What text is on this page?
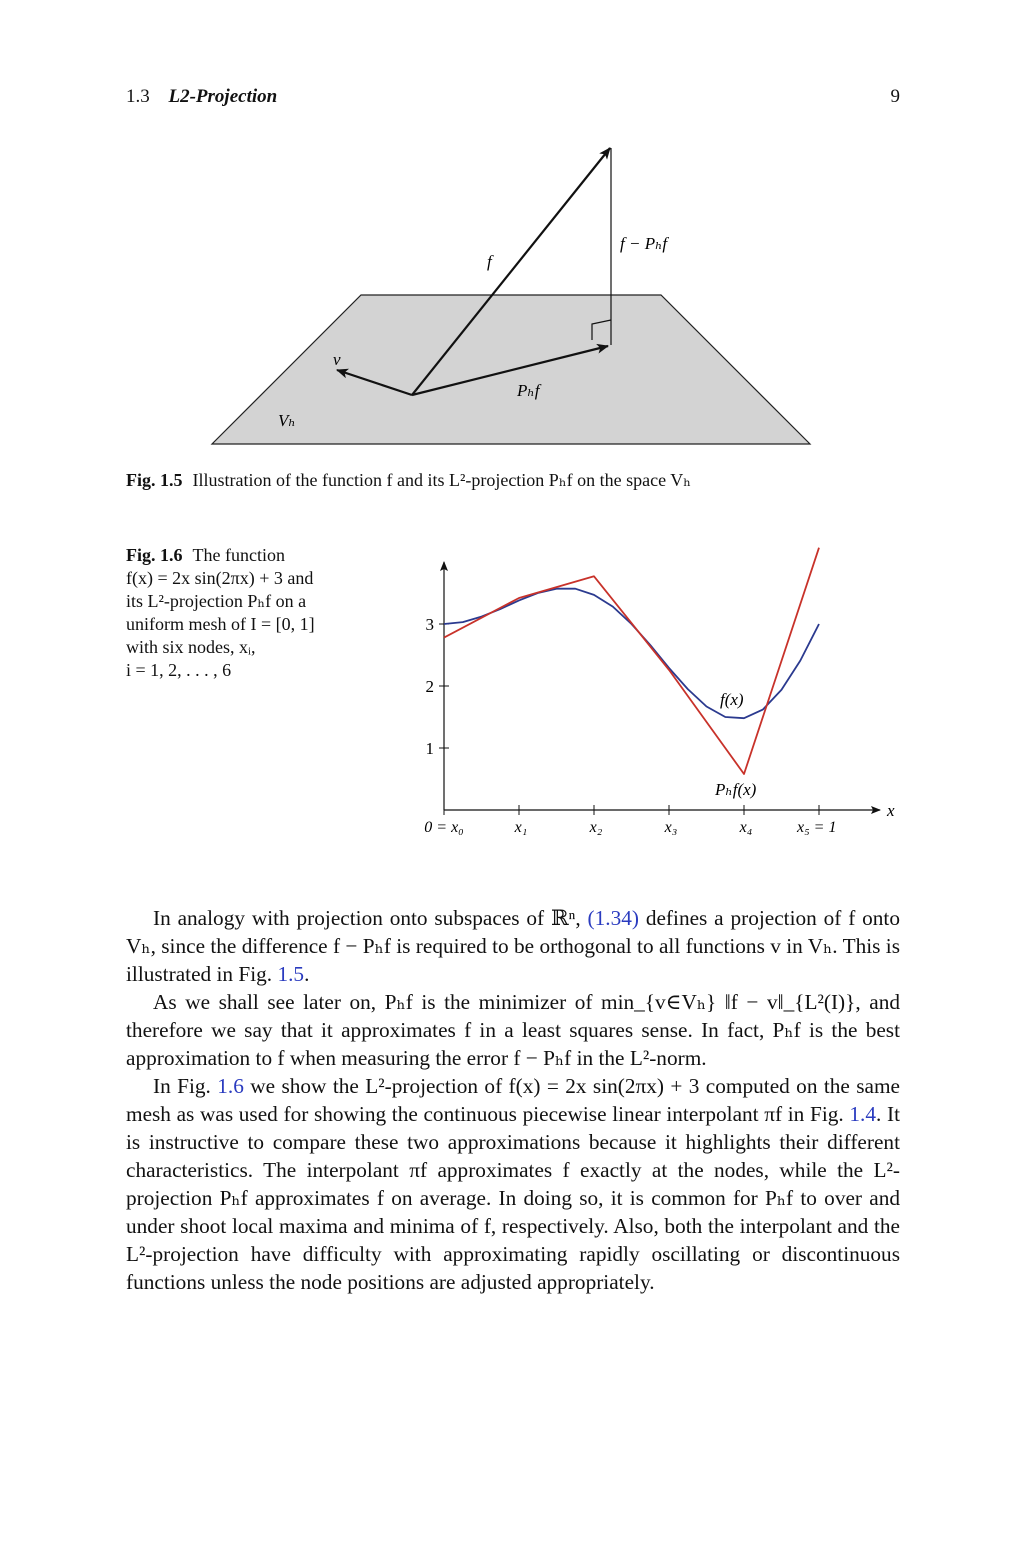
1.3 L2-Projection	9
f
f − Pₕf
v
Pₕf
Vₕ
Fig. 1.5 Illustration of the function f and its L²-projection Pₕf on the space Vₕ
Fig. 1.6 The function
f(x) = 2x sin(2πx) + 3 and
its L²-projection Pₕf on a
uniform mesh of I = [0, 1]
with six nodes, xᵢ,
i = 1, 2, . . . , 6
0 = x₀	x₁	x₂	x₃	x₄	x₅ = 1
1
2
3
x
f(x)
Pₕf(x)

In analogy with projection onto subspaces of ℝⁿ, (1.34) defines a projection of f onto Vₕ, since the difference f − Pₕf is required to be orthogonal to all functions v in Vₕ. This is illustrated in Fig. 1.5.

As we shall see later on, Pₕf is the minimizer of min_{v∈Vₕ} ‖f − v‖_{L²(I)}, and therefore we say that it approximates f in a least squares sense. In fact, Pₕf is the best approximation to f when measuring the error f − Pₕf in the L²-norm.

In Fig. 1.6 we show the L²-projection of f(x) = 2x sin(2πx) + 3 computed on the same mesh as was used for showing the continuous piecewise linear interpolant πf in Fig. 1.4. It is instructive to compare these two approximations because it highlights their different characteristics. The interpolant πf approximates f exactly at the nodes, while the L²-projection Pₕf approximates f on average. In doing so, it is common for Pₕf to over and under shoot local maxima and minima of f, respectively. Also, both the interpolant and the L²-projection have difficulty with approximating rapidly oscillating or discontinuous functions unless the node positions are adjusted appropriately.
